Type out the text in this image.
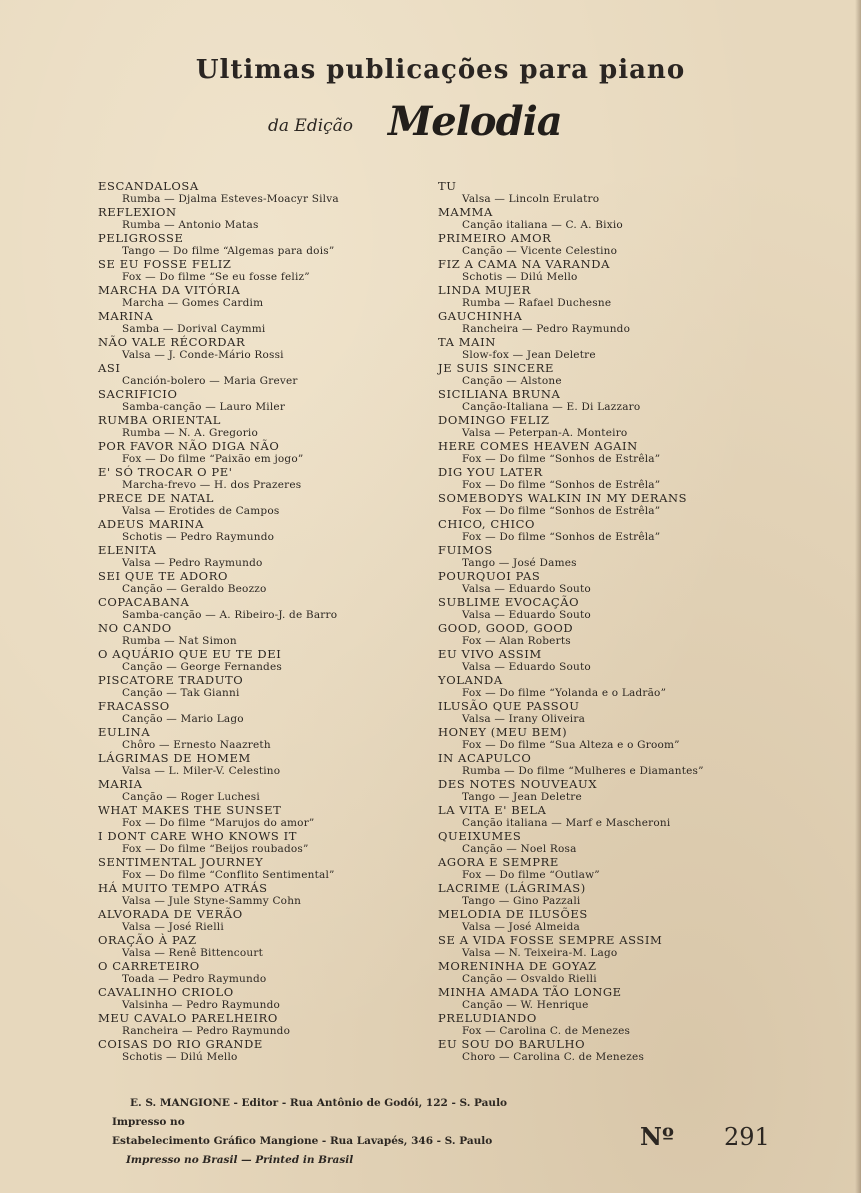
Ultimas publicações para piano
da Edição Melodia
ESCANDALOSA
Rumba — Djalma Esteves-Moacyr Silva
REFLEXION
Rumba — Antonio Matas
PELIGROSSE
Tango — Do filme “Algemas para dois”
SE EU FOSSE FELIZ
Fox — Do filme “Se eu fosse feliz”
MARCHA DA VITÓRIA
Marcha — Gomes Cardim
MARINA
Samba — Dorival Caymmi
NÃO VALE RÉCORDAR
Valsa — J. Conde-Mário Rossi
ASI
Canción-bolero — Maria Grever
SACRIFICIO
Samba-canção — Lauro Miler
RUMBA ORIENTAL
Rumba — N. A. Gregorio
POR FAVOR NÃO DIGA NÃO
Fox — Do filme “Paixão em jogo”
E' SÓ TROCAR O PE'
Marcha-frevo — H. dos Prazeres
PRECE DE NATAL
Valsa — Erotides de Campos
ADEUS MARINA
Schotis — Pedro Raymundo
ELENITA
Valsa — Pedro Raymundo
SEI QUE TE ADORO
Canção — Geraldo Beozzo
COPACABANA
Samba-canção — A. Ribeiro-J. de Barro
NO CANDO
Rumba — Nat Simon
O AQUÁRIO QUE EU TE DEI
Canção — George Fernandes
PISCATORE TRADUTO
Canção — Tak Gianni
FRACASSO
Canção — Mario Lago
EULINA
Chôro — Ernesto Naazreth
LÁGRIMAS DE HOMEM
Valsa — L. Miler-V. Celestino
MARIA
Canção — Roger Luchesi
WHAT MAKES THE SUNSET
Fox — Do filme “Marujos do amor”
I DONT CARE WHO KNOWS IT
Fox — Do filme “Beijos roubados”
SENTIMENTAL JOURNEY
Fox — Do filme “Conflito Sentimental”
HÁ MUITO TEMPO ATRÁS
Valsa — Jule Styne-Sammy Cohn
ALVORADA DE VERÃO
Valsa — José Rielli
ORAÇÃO À PAZ
Valsa — Renê Bittencourt
O CARRETEIRO
Toada — Pedro Raymundo
CAVALINHO CRIOLO
Valsinha — Pedro Raymundo
MEU CAVALO PARELHEIRO
Rancheira — Pedro Raymundo
COISAS DO RIO GRANDE
Schotis — Dilú Mello
TU
Valsa — Lincoln Erulatro
MAMMA
Canção italiana — C. A. Bixio
PRIMEIRO AMOR
Canção — Vicente Celestino
FIZ A CAMA NA VARANDA
Schotis — Dilú Mello
LINDA MUJER
Rumba — Rafael Duchesne
GAUCHINHA
Rancheira — Pedro Raymundo
TA MAIN
Slow-fox — Jean Deletre
JE SUIS SINCERE
Canção — Alstone
SICILIANA BRUNA
Canção-Italiana — E. Di Lazzaro
DOMINGO FELIZ
Valsa — Peterpan-A. Monteiro
HERE COMES HEAVEN AGAIN
Fox — Do filme “Sonhos de Estrêla”
DIG YOU LATER
Fox — Do filme “Sonhos de Estrêla”
SOMEBODYS WALKIN IN MY DERANS
Fox — Do filme “Sonhos de Estrêla”
CHICO, CHICO
Fox — Do filme “Sonhos de Estrêla”
FUIMOS
Tango — José Dames
POURQUOI PAS
Valsa — Eduardo Souto
SUBLIME EVOCAÇÃO
Valsa — Eduardo Souto
GOOD, GOOD, GOOD
Fox — Alan Roberts
EU VIVO ASSIM
Valsa — Eduardo Souto
YOLANDA
Fox — Do filme “Yolanda e o Ladrão”
ILUSÃO QUE PASSOU
Valsa — Irany Oliveira
HONEY (MEU BEM)
Fox — Do filme “Sua Alteza e o Groom”
IN ACAPULCO
Rumba — Do filme “Mulheres e Diamantes”
DES NOTES NOUVEAUX
Tango — Jean Deletre
LA VITA E' BELA
Canção italiana — Marf e Mascheroni
QUEIXUMES
Canção — Noel Rosa
AGORA E SEMPRE
Fox — Do filme “Outlaw”
LACRIME (LÁGRIMAS)
Tango — Gino Pazzali
MELODIA DE ILUSÕES
Valsa — José Almeida
SE A VIDA FOSSE SEMPRE ASSIM
Valsa — N. Teixeira-M. Lago
MORENINHA DE GOYAZ
Canção — Osvaldo Rielli
MINHA AMADA TÃO LONGE
Canção — W. Henrique
PRELUDIANDO
Fox — Carolina C. de Menezes
EU SOU DO BARULHO
Choro — Carolina C. de Menezes
E. S. MANGIONE - Editor - Rua Antônio de Godói, 122 - S. Paulo
Impresso no
Estabelecimento Gráfico Mangione - Rua Lavapés, 346 - S. Paulo
Impresso no Brasil — Printed in Brasil
Nº 291
